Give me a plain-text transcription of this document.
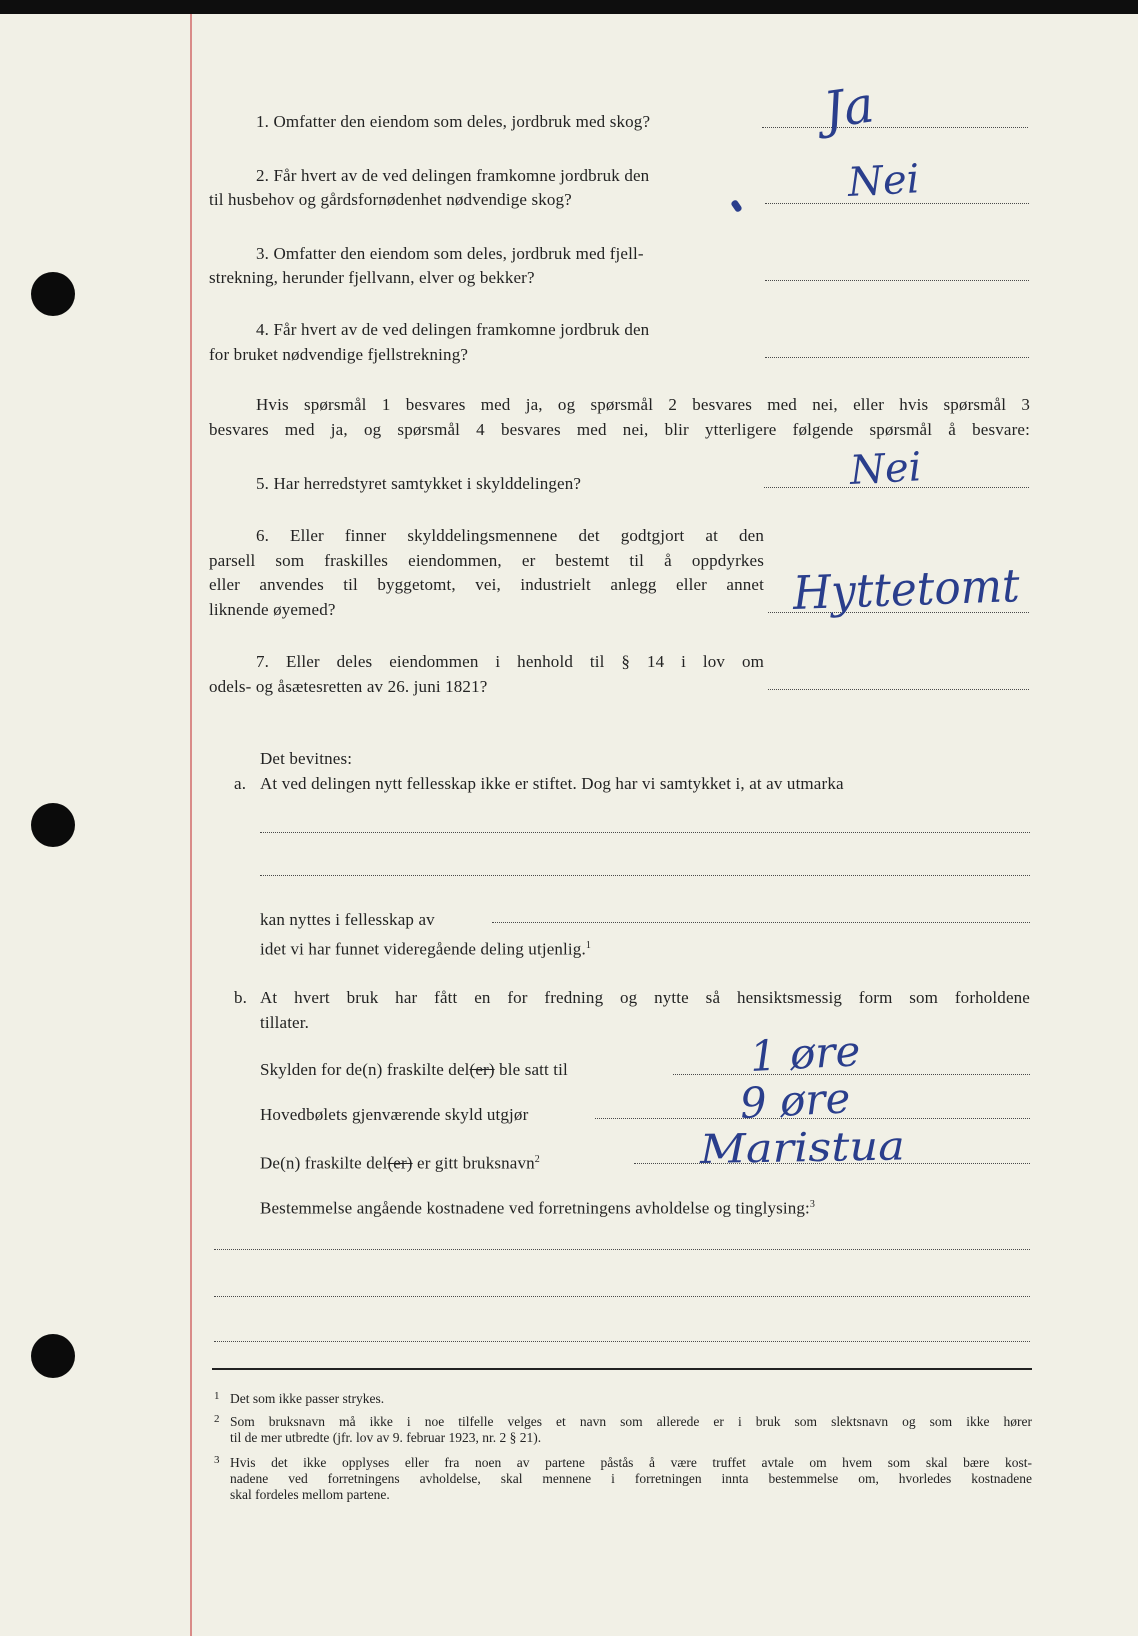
1. Omfatter den eiendom som deles, jordbruk med skog?	Ja
2. Får hvert av de ved delingen framkomne jordbruk den
til husbehov og gårdsfornødenhet nødvendige skog?	Nei
3. Omfatter den eiendom som deles, jordbruk med fjell-
strekning, herunder fjellvann, elver og bekker?
4. Får hvert av de ved delingen framkomne jordbruk den
for bruket nødvendige fjellstrekning?
Hvis spørsmål 1 besvares med ja, og spørsmål 2 besvares med nei, eller hvis spørsmål 3
besvares med ja, og spørsmål 4 besvares med nei, blir ytterligere følgende spørsmål å besvare:
5. Har herredstyret samtykket i skylddelingen?	Nei
6. Eller finner skylddelingsmennene det godtgjort at den
parsell som fraskilles eiendommen, er bestemt til å oppdyrkes
eller anvendes til byggetomt, vei, industrielt anlegg eller annet
liknende øyemed?	Hyttetomt
7. Eller deles eiendommen i henhold til § 14 i lov om
odels- og åsætesretten av 26. juni 1821?
Det bevitnes:
a. At ved delingen nytt fellesskap ikke er stiftet. Dog har vi samtykket i, at av utmarka
kan nyttes i fellesskap av
idet vi har funnet videregående deling utjenlig.$^1$
b. At hvert bruk har fått en for fredning og nytte så hensiktsmessig form som forholdene
tillater.
Skylden for de(n) fraskilte del(er) ble satt til	1 øre
Hovedbølets gjenværende skyld utgjør	9 øre
De(n) fraskilte del(er) er gitt bruksnavn$^2$	Maristua
Bestemmelse angående kostnadene ved forretningens avholdelse og tinglysing:$^3$
1 Det som ikke passer strykes.
2 Som bruksnavn må ikke i noe tilfelle velges et navn som allerede er i bruk som slektsnavn og som ikke hører
til de mer utbredte (jfr. lov av 9. februar 1923, nr. 2 § 21).
3 Hvis det ikke opplyses eller fra noen av partene påstås å være truffet avtale om hvem som skal bære kost-
nadene ved forretningens avholdelse, skal mennene i forretningen innta bestemmelse om, hvorledes kostnadene
skal fordeles mellom partene.
